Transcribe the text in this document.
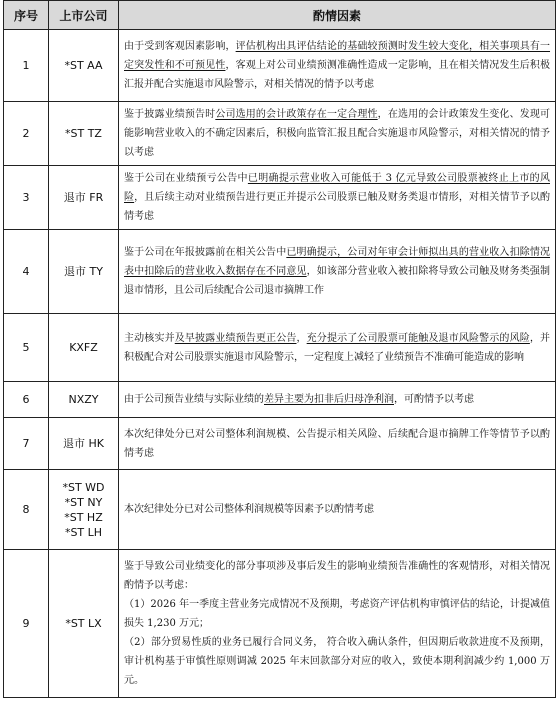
序号	上市公司	酌情因素
1	*ST AA	由于受到客观因素影响，评估机构出具评估结论的基础较预测时发生较大变化，相关事项具有一定突发性和不可预见性，客观上对公司业绩预测准确性造成一定影响，且在相关情况发生后积极汇报并配合实施退市风险警示，对相关情况的情予以考虑
2	*ST TZ	鉴于披露业绩预告时公司选用的会计政策存在一定合理性，在选用的会计政策发生变化、发现可能影响营业收入的不确定因素后，积极向监管汇报且配合实施退市风险警示，对相关情况的情予以考虑
3	退市 FR	鉴于公司在业绩预亏公告中已明确提示营业收入可能低于 3 亿元导致公司股票被终止上市的风险，且后续主动对业绩预告进行更正并提示公司股票已触及财务类退市情形，对相关情节予以酌情考虑
4	退市 TY	鉴于公司在年报披露前在相关公告中已明确提示，公司对年审会计师拟出具的营业收入扣除情况表中扣除后的营业收入数据存在不同意见，如该部分营业收入被扣除将导致公司触及财务类强制退市情形，且公司后续配合公司退市摘牌工作
5	KXFZ	主动核实并及早披露业绩预告更正公告，充分提示了公司股票可能触及退市风险警示的风险，并积极配合对公司股票实施退市风险警示，一定程度上减轻了业绩预告不准确可能造成的影响
6	NXZY	由于公司预告业绩与实际业绩的差异主要为扣非后归母净利润，可酌情予以考虑
7	退市 HK	本次纪律处分已对公司整体利润规模、公告提示相关风险、后续配合退市摘牌工作等情节予以酌情考虑
8	*ST WD
*ST NY
*ST HZ
*ST LH	本次纪律处分已对公司整体利润规模等因素予以酌情考虑
9	*ST LX	鉴于导致公司业绩变化的部分事项涉及事后发生的影响业绩预告准确性的客观情形，对相关情况酌情予以考虑：
（1）2026 年一季度主营业务完成情况不及预期，考虑资产评估机构审慎评估的结论，计提减值损失 1,230 万元；
（2）部分贸易性质的业务已履行合同义务， 符合收入确认条件，但因期后收款进度不及预期，审计机构基于审慎性原则调减 2025 年末回款部分对应的收入，致使本期利润减少约 1,000 万元。
